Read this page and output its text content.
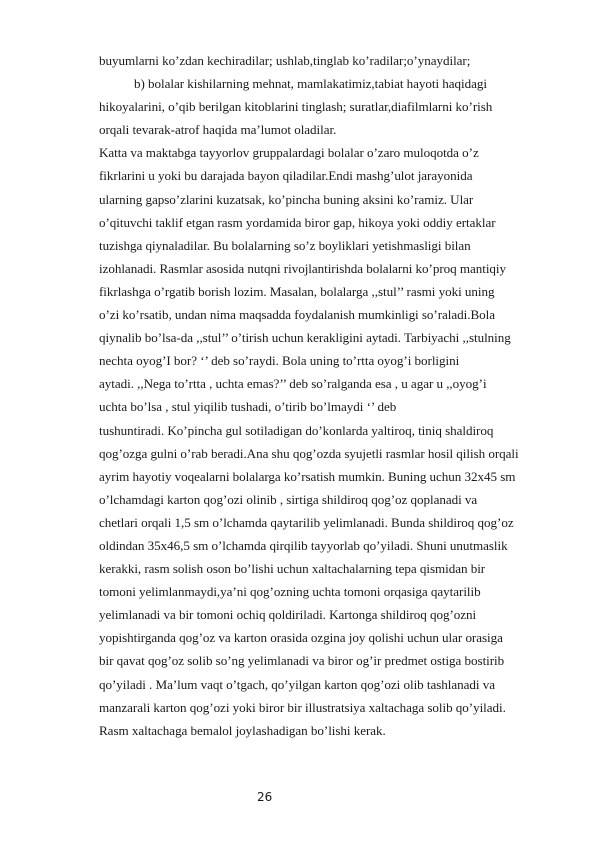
buyumlarni ko’zdan kechiradilar; ushlab,tinglab ko’radilar;o’ynaydilar;
b) bolalar kishilarning mehnat, mamlakatimiz,tabiat hayoti haqidagi
hikoyalarini, o’qib berilgan kitoblarini tinglash; suratlar,diafilmlarni ko’rish
orqali tevarak-atrof haqida ma’lumot oladilar.
Katta va maktabga tayyorlov gruppalardagi bolalar o’zaro muloqotda o’z
fikrlarini u yoki bu darajada bayon qiladilar.Endi mashg’ulot jarayonida
ularning gapso’zlarini kuzatsak, ko’pincha buning aksini ko’ramiz. Ular
o’qituvchi taklif etgan rasm yordamida biror gap, hikoya yoki oddiy ertaklar
tuzishga qiynaladilar. Bu bolalarning so’z boyliklari yetishmasligi bilan
izohlanadi. Rasmlar asosida nutqni rivojlantirishda bolalarni ko’proq mantiqiy
fikrlashga o’rgatib borish lozim. Masalan, bolalarga ,,stul’’ rasmi yoki uning
o’zi ko’rsatib, undan nima maqsadda foydalanish mumkinligi so’raladi.Bola
qiynalib bo’lsa-da ,,stul’’ o’tirish uchun kerakligini aytadi. Tarbiyachi ,,stulning
nechta oyog’I bor? ‘’ deb so’raydi. Bola uning to’rtta oyog’i borligini
aytadi. ,,Nega to’rtta , uchta emas?’’ deb so’ralganda esa , u agar u ,,oyog’i
uchta bo’lsa , stul yiqilib tushadi, o’tirib bo’lmaydi ‘’ deb
tushuntiradi. Ko’pincha gul sotiladigan do’konlarda yaltiroq, tiniq shaldiroq
qog’ozga gulni o’rab beradi.Ana shu qog’ozda syujetli rasmlar hosil qilish orqali
ayrim hayotiy voqealarni bolalarga ko’rsatish mumkin. Buning uchun 32x45 sm
o’lchamdagi karton qog’ozi olinib , sirtiga shildiroq qog’oz qoplanadi va
chetlari orqali 1,5 sm o’lchamda qaytarilib yelimlanadi. Bunda shildiroq qog’oz
oldindan 35x46,5 sm o’lchamda qirqilib tayyorlab qo’yiladi. Shuni unutmaslik
kerakki, rasm solish oson bo’lishi uchun xaltachalarning tepa qismidan bir
tomoni yelimlanmaydi,ya’ni qog’ozning uchta tomoni orqasiga qaytarilib
yelimlanadi va bir tomoni ochiq qoldiriladi. Kartonga shildiroq qog’ozni
yopishtirganda qog’oz va karton orasida ozgina joy qolishi uchun ular orasiga
bir qavat qog’oz solib so’ng yelimlanadi va biror og’ir predmet ostiga bostirib
qo’yiladi . Ma’lum vaqt o’tgach, qo’yilgan karton qog’ozi olib tashlanadi va
manzarali karton qog’ozi yoki biror bir illustratsiya xaltachaga solib qo’yiladi.
Rasm xaltachaga bemalol joylashadigan bo’lishi kerak.
26
